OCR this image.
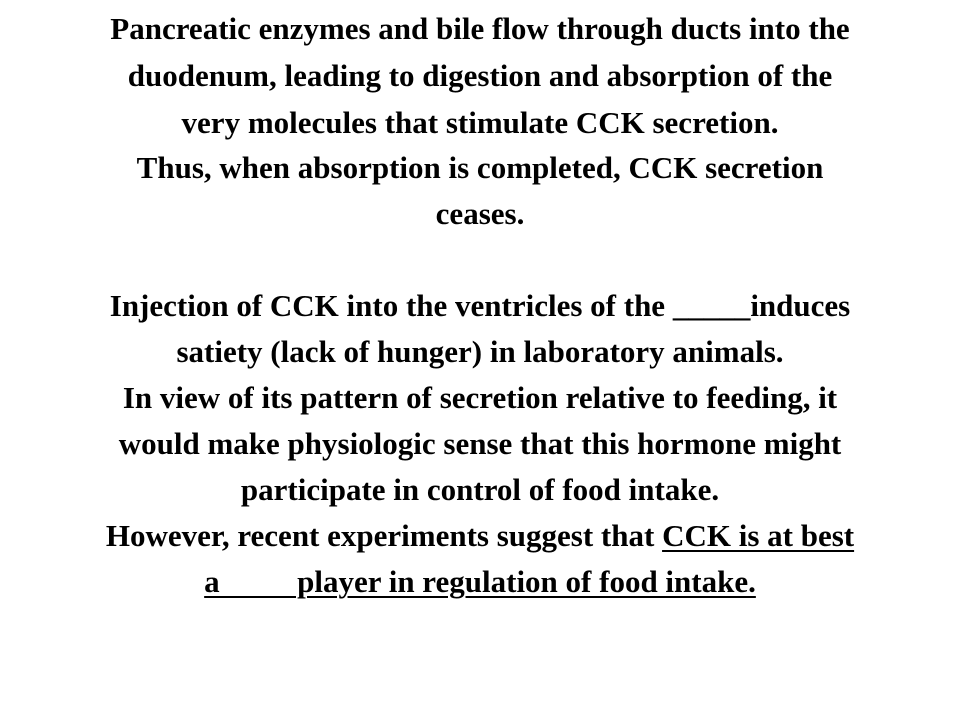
Pancreatic enzymes and bile flow through ducts into the
duodenum, leading to digestion and absorption of the
very molecules that stimulate CCK secretion.
Thus, when absorption is completed, CCK secretion
ceases.
Injection of CCK into the ventricles of the _____induces
satiety (lack of hunger) in laboratory animals.
In view of its pattern of secretion relative to feeding, it
would make physiologic sense that this hormone might
participate in control of food intake.
However, recent experiments suggest that CCK is at best
a          player in regulation of food intake.
